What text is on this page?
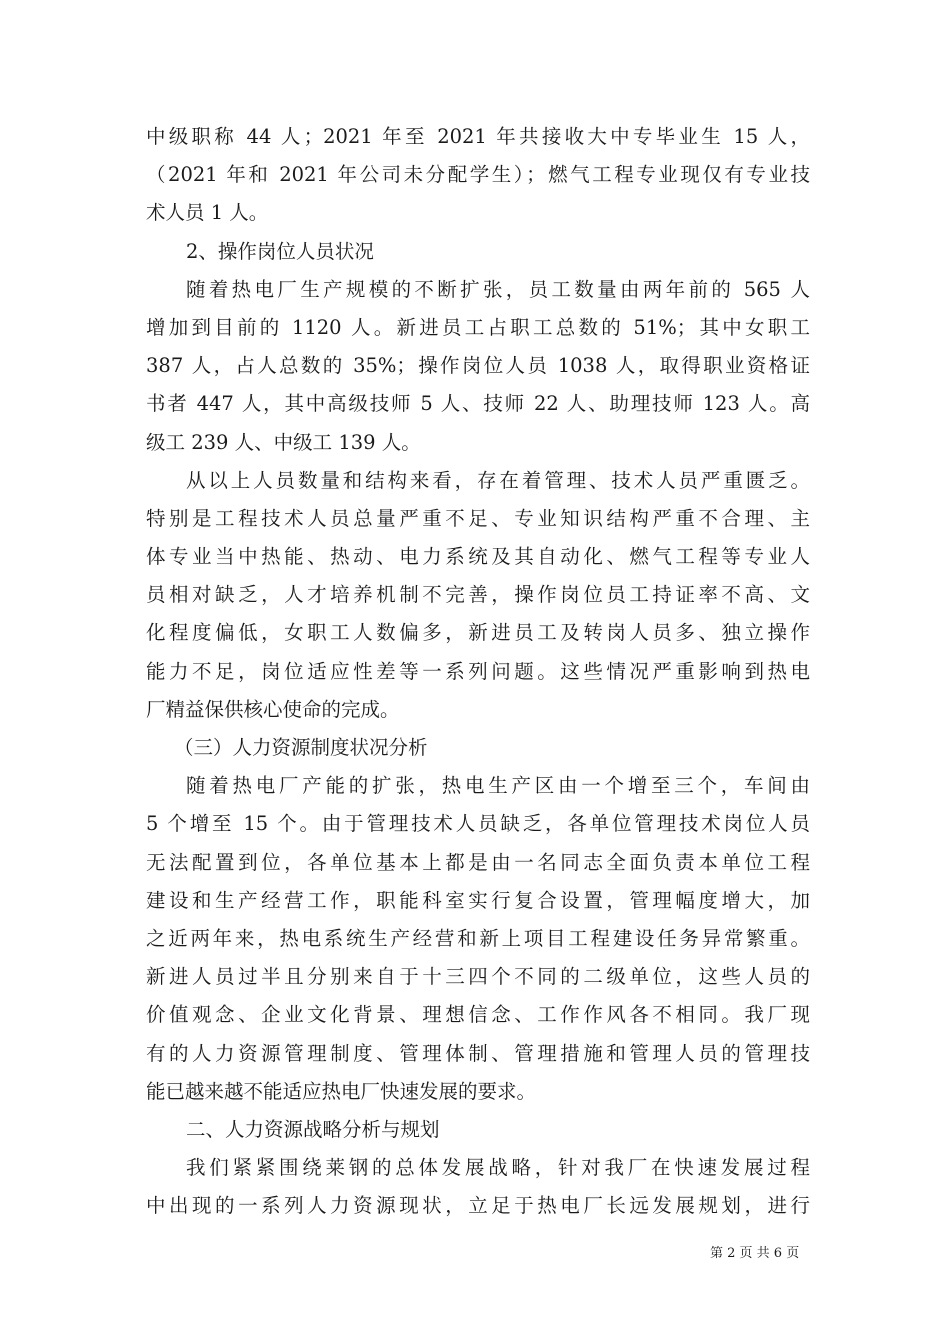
中级职称 44 人；2021 年至 2021 年共接收大中专毕业生 15 人，
（2021 年和 2021 年公司未分配学生）；燃气工程专业现仅有专业技
术人员 1 人。
2、操作岗位人员状况
随着热电厂生产规模的不断扩张，员工数量由两年前的 565 人
增加到目前的 1120 人。新进员工占职工总数的 51%；其中女职工
387 人，占人总数的 35%；操作岗位人员 1038 人，取得职业资格证
书者 447 人，其中高级技师 5 人、技师 22 人、助理技师 123 人。高
级工 239 人、中级工 139 人。
从以上人员数量和结构来看，存在着管理、技术人员严重匮乏。
特别是工程技术人员总量严重不足、专业知识结构严重不合理、主
体专业当中热能、热动、电力系统及其自动化、燃气工程等专业人
员相对缺乏，人才培养机制不完善，操作岗位员工持证率不高、文
化程度偏低，女职工人数偏多，新进员工及转岗人员多、独立操作
能力不足，岗位适应性差等一系列问题。这些情况严重影响到热电
厂精益保供核心使命的完成。
（三）人力资源制度状况分析
随着热电厂产能的扩张，热电生产区由一个增至三个，车间由
5 个增至 15 个。由于管理技术人员缺乏，各单位管理技术岗位人员
无法配置到位，各单位基本上都是由一名同志全面负责本单位工程
建设和生产经营工作，职能科室实行复合设置，管理幅度增大，加
之近两年来，热电系统生产经营和新上项目工程建设任务异常繁重。
新进人员过半且分别来自于十三四个不同的二级单位，这些人员的
价值观念、企业文化背景、理想信念、工作作风各不相同。我厂现
有的人力资源管理制度、管理体制、管理措施和管理人员的管理技
能已越来越不能适应热电厂快速发展的要求。
二、人力资源战略分析与规划
我们紧紧围绕莱钢的总体发展战略，针对我厂在快速发展过程
中出现的一系列人力资源现状，立足于热电厂长远发展规划，进行
第 2 页 共 6 页
